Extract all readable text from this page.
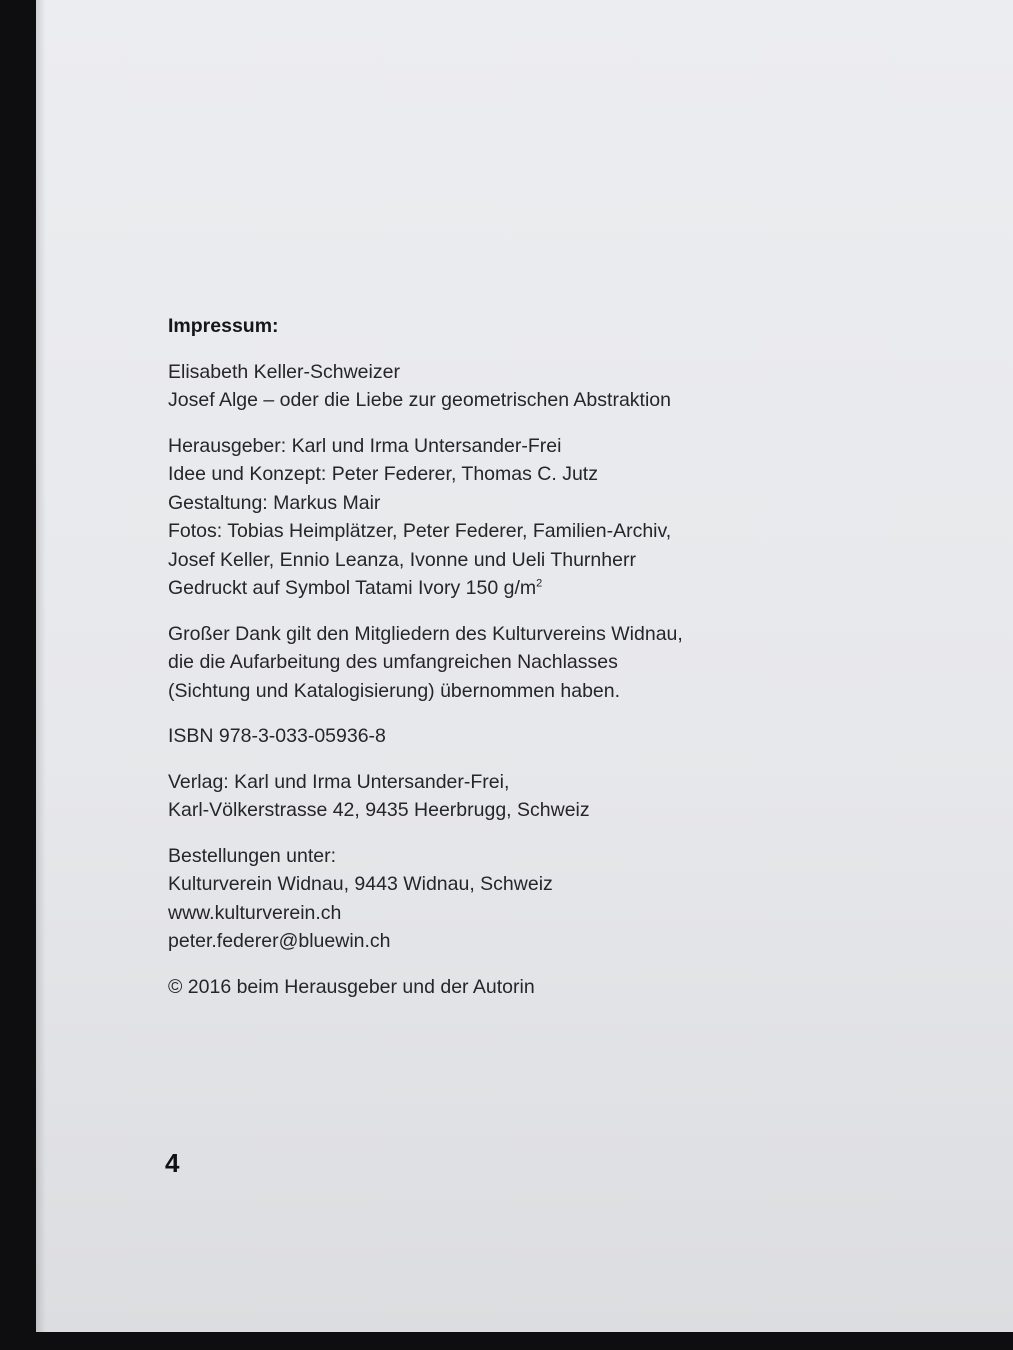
Impressum:
Elisabeth Keller-Schweizer
Josef Alge – oder die Liebe zur geometrischen Abstraktion
Herausgeber: Karl und Irma Untersander-Frei
Idee und Konzept: Peter Federer, Thomas C. Jutz
Gestaltung: Markus Mair
Fotos: Tobias Heimplätzer, Peter Federer, Familien-Archiv,
Josef Keller, Ennio Leanza, Ivonne und Ueli Thurnherr
Gedruckt auf Symbol Tatami Ivory 150 $g/m^2$
Großer Dank gilt den Mitgliedern des Kulturvereins Widnau,
die die Aufarbeitung des umfangreichen Nachlasses
(Sichtung und Katalogisierung) übernommen haben.
ISBN 978-3-033-05936-8
Verlag: Karl und Irma Untersander-Frei,
Karl-Völkerstrasse 42, 9435 Heerbrugg, Schweiz
Bestellungen unter:
Kulturverein Widnau, 9443 Widnau, Schweiz
www.kulturverein.ch
peter.federer@bluewin.ch
© 2016 beim Herausgeber und der Autorin
4
